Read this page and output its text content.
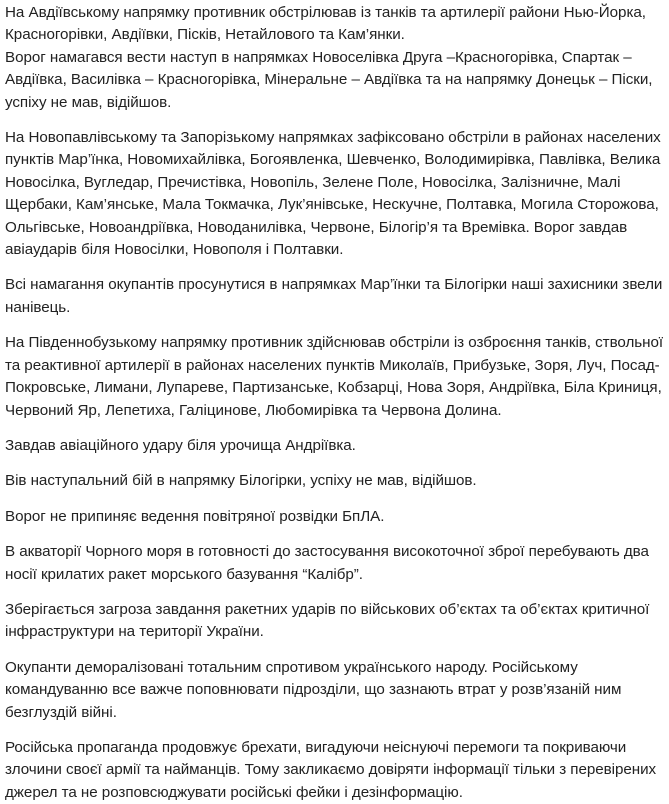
На Авдіївському напрямку противник обстрілював із танків та артилерії райони Нью-Йорка, Красногорівки, Авдіївки, Пісків, Нетайлового та Кам’янки.

Ворог намагався вести наступ в напрямках Новоселівка Друга –Красногорівка, Спартак – Авдіївка, Василівка – Красногорівка, Мінеральне – Авдіївка та на напрямку Донецьк – Піски, успіху не мав, відійшов.

На Новопавлівському та Запорізькому напрямках зафіксовано обстріли в районах населених пунктів Мар’їнка, Новомихайлівка, Богоявленка, Шевченко, Володимирівка, Павлівка, Велика Новосілка, Вугледар, Пречистівка, Новопіль, Зелене Поле, Новосілка, Залізничне, Малі Щербаки, Кам’янське, Мала Токмачка, Лук’янівське, Нескучне, Полтавка, Могила Сторожова, Ольгівське, Новоандріївка, Новоданилівка, Червоне, Білогір’я та Времівка. Ворог завдав авіаударів біля Новосілки, Новополя і Полтавки.

Всі намагання окупантів просунутися в напрямках Мар’їнки та Білогірки наші захисники звели нанівець.

На Південнобузькому напрямку противник здійснював обстріли із озброєння танків, ствольної та реактивної артилерії в районах населених пунктів Миколаїв, Прибузьке, Зоря, Луч, Посад-Покровське, Лимани, Лупареве, Партизанське, Кобзарці, Нова Зоря, Андріївка, Біла Криниця, Червоний Яр, Лепетиха, Галіцинове, Любомирівка та Червона Долина.

Завдав авіаційного удару біля урочища Андріївка.

Вів наступальний бій в напрямку Білогірки, успіху не мав, відійшов.

Ворог не припиняє ведення повітряної розвідки БпЛА.

В акваторії Чорного моря в готовності до застосування високоточної зброї перебувають два носії крилатих ракет морського базування “Калібр”.

Зберігається загроза завдання ракетних ударів по військових об’єктах та об’єктах критичної інфраструктури на території України.

Окупанти деморалізовані тотальним спротивом українського народу. Російському командуванню все важче поповнювати підрозділи, що зазнають втрат у розв’язаній ним безглуздій війні.

Російська пропаганда продовжує брехати, вигадуючи неіснуючі перемоги та покриваючи злочини своєї армії та найманців. Тому закликаємо довіряти інформації тільки з перевірених джерел та не розповсюджувати російські фейки і дезінформацію.
